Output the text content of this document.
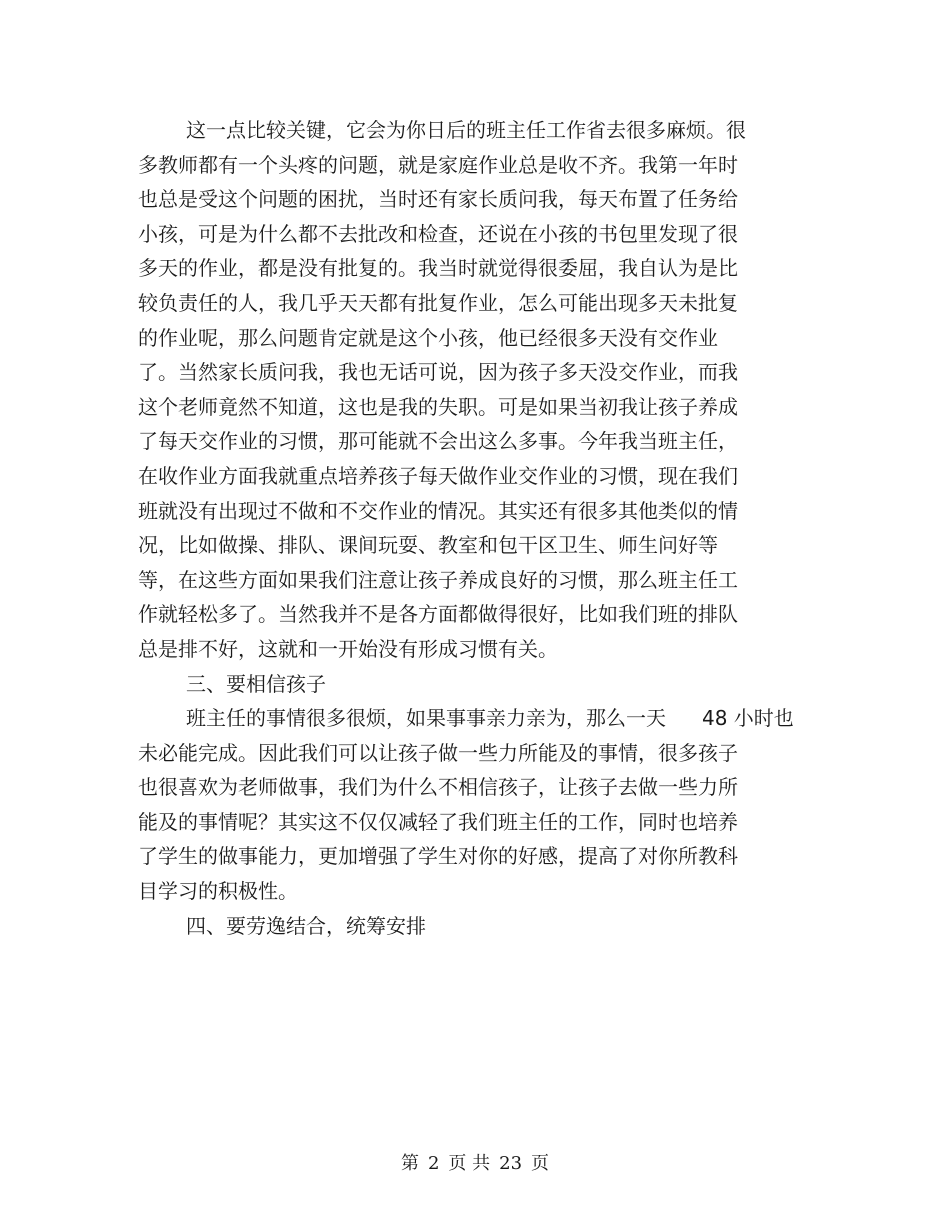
这一点比较关键，它会为你日后的班主任工作省去很多麻烦。很
多教师都有一个头疼的问题，就是家庭作业总是收不齐。我第一年时
也总是受这个问题的困扰，当时还有家长质问我，每天布置了任务给
小孩，可是为什么都不去批改和检查，还说在小孩的书包里发现了很
多天的作业，都是没有批复的。我当时就觉得很委屈，我自认为是比
较负责任的人，我几乎天天都有批复作业，怎么可能出现多天未批复
的作业呢，那么问题肯定就是这个小孩，他已经很多天没有交作业
了。当然家长质问我，我也无话可说，因为孩子多天没交作业，而我
这个老师竟然不知道，这也是我的失职。可是如果当初我让孩子养成
了每天交作业的习惯，那可能就不会出这么多事。今年我当班主任，
在收作业方面我就重点培养孩子每天做作业交作业的习惯，现在我们
班就没有出现过不做和不交作业的情况。其实还有很多其他类似的情
况，比如做操、排队、课间玩耍、教室和包干区卫生、师生问好等
等，在这些方面如果我们注意让孩子养成良好的习惯，那么班主任工
作就轻松多了。当然我并不是各方面都做得很好，比如我们班的排队
总是排不好，这就和一开始没有形成习惯有关。
三、要相信孩子
班主任的事情很多很烦，如果事事亲力亲为，那么一天 48 小时也
未必能完成。因此我们可以让孩子做一些力所能及的事情，很多孩子
也很喜欢为老师做事，我们为什么不相信孩子，让孩子去做一些力所
能及的事情呢？其实这不仅仅减轻了我们班主任的工作，同时也培养
了学生的做事能力，更加增强了学生对你的好感，提高了对你所教科
目学习的积极性。
四、要劳逸结合，统筹安排
第 2 页 共 23 页
